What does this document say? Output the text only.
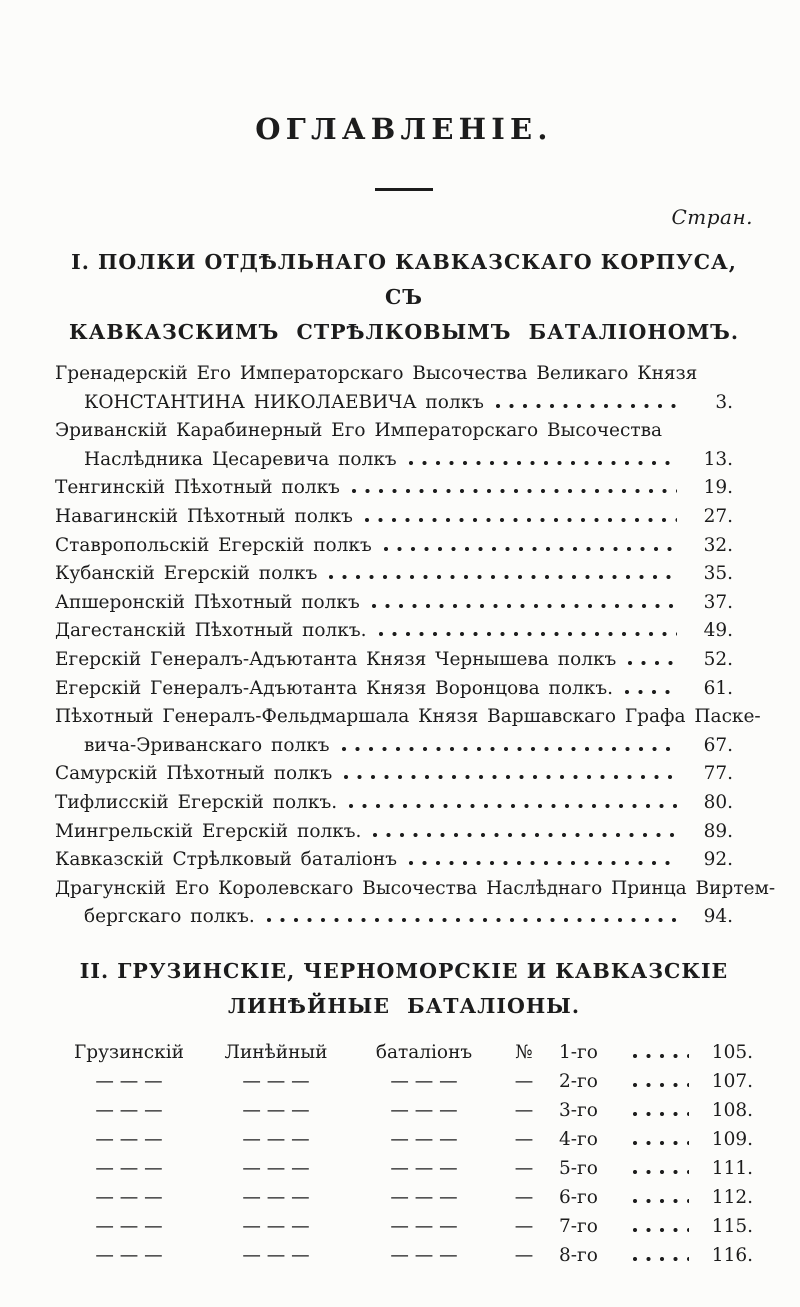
ОГЛАВЛЕНІЕ.
Стран.
I. ПОЛКИ ОТДѢЛЬНАГО КАВКАЗСКАГО КОРПУСА, СЪ
КАВКАЗСКИМЪ СТРѢЛКОВЫМЪ БАТАЛІОНОМЪ.
Гренадерскій Его Императорскаго Высочества Великаго Князя
КОНСТАНТИНА НИКОЛАЕВИЧА полкъ	3.
Эриванскій Карабинерный Его Императорскаго Высочества
Наслѣдника Цесаревича полкъ	13.
Тенгинскій Пѣхотный полкъ	19.
Навагинскій Пѣхотный полкъ	27.
Ставропольскій Егерскій полкъ	32.
Кубанскій Егерскій полкъ	35.
Апшеронскій Пѣхотный полкъ	37.
Дагестанскій Пѣхотный полкъ.	49.
Егерскій Генералъ-Адъютанта Князя Чернышева полкъ	52.
Егерскій Генералъ-Адъютанта Князя Воронцова полкъ.	61.
Пѣхотный Генералъ-Фельдмаршала Князя Варшавскаго Графа Паске-
вича-Эриванскаго полкъ	67.
Самурскій Пѣхотный полкъ	77.
Тифлисскій Егерскій полкъ.	80.
Мингрельскій Егерскій полкъ.	89.
Кавказскій Стрѣлковый баталіонъ	92.
Драгунскій Его Королевскаго Высочества Наслѣднаго Принца Виртем-
бергскаго полкъ.	94.
II. ГРУЗИНСКІЕ, ЧЕРНОМОРСКІЕ И КАВКАЗСКІЕ
ЛИНѢЙНЫЕ БАТАЛІОНЫ.
Грузинскій	Линѣйный	баталіонъ	№	1-го	105.
— — —	— — —	— — —	—	2-го	107.
— — —	— — —	— — —	—	3-го	108.
— — —	— — —	— — —	—	4-го	109.
— — —	— — —	— — —	—	5-го	111.
— — —	— — —	— — —	—	6-го	112.
— — —	— — —	— — —	—	7-го	115.
— — —	— — —	— — —	—	8-го	116.
